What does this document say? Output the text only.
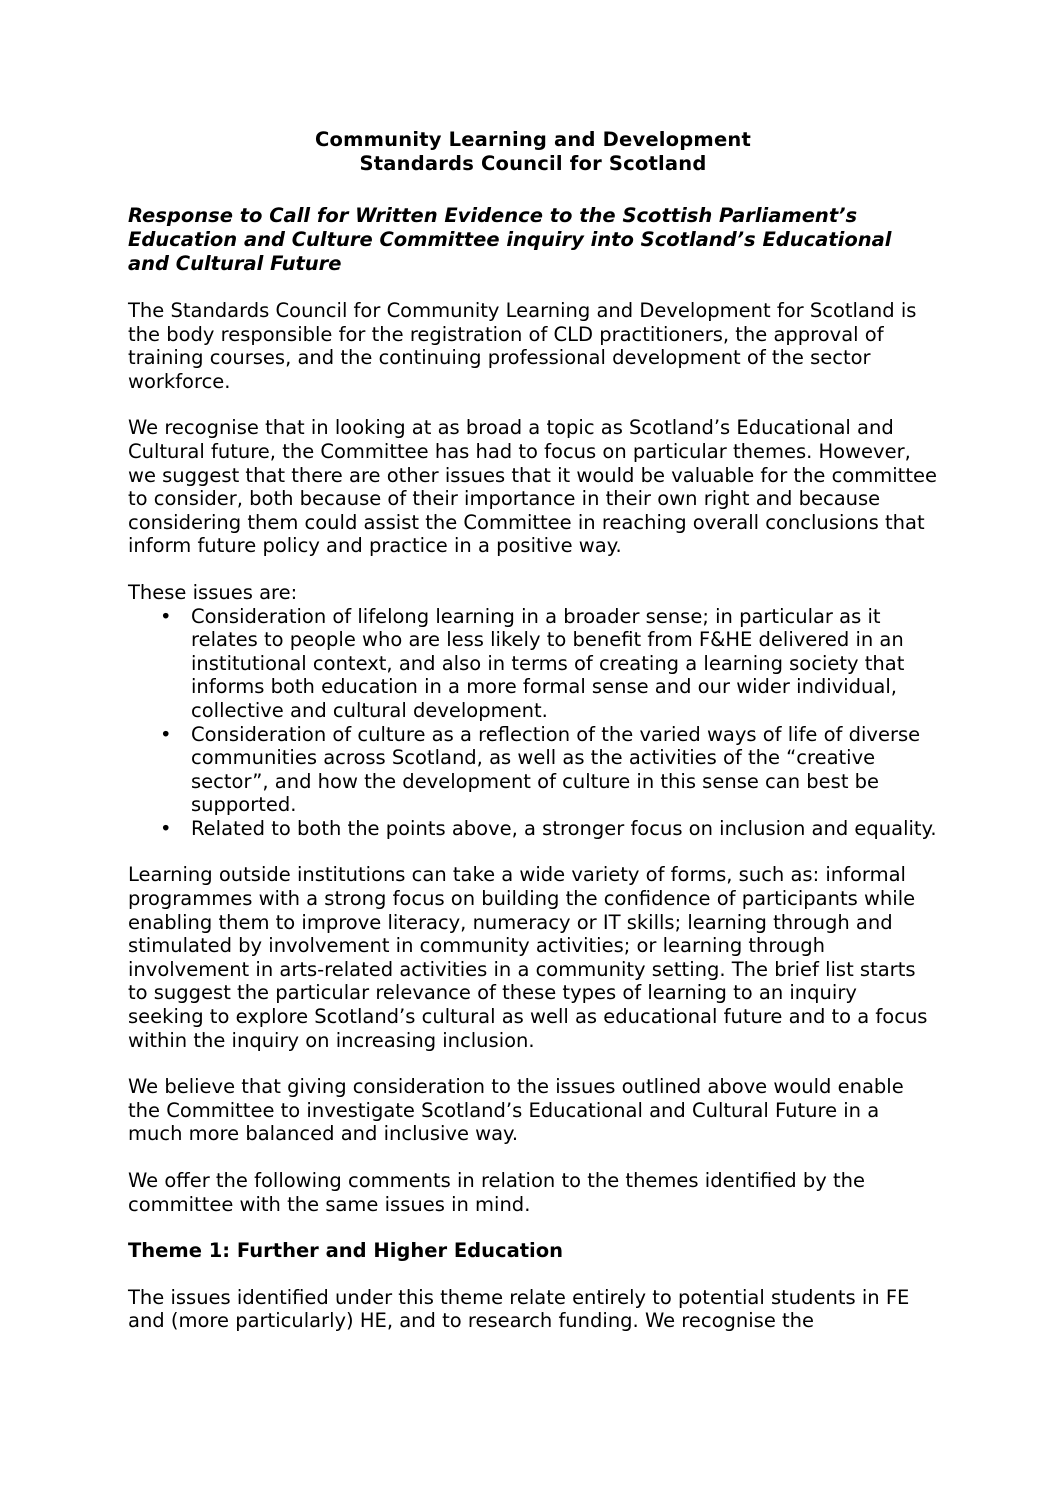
Community Learning and Development

Standards Council for Scotland

Response to Call for Written Evidence to the Scottish Parliament’s Education and Culture Committee inquiry into Scotland’s Educational and Cultural Future

The Standards Council for Community Learning and Development for Scotland is the body responsible for the registration of CLD practitioners, the approval of training courses, and the continuing professional development of the sector workforce.

We recognise that in looking at as broad a topic as Scotland’s Educational and Cultural future, the Committee has had to focus on particular themes. However, we suggest that there are other issues that it would be valuable for the committee to consider, both because of their importance in their own right and because considering them could assist the Committee in reaching overall conclusions that inform future policy and practice in a positive way.

These issues are:

• Consideration of lifelong learning in a broader sense; in particular as it relates to people who are less likely to benefit from F&HE delivered in an institutional context, and also in terms of creating a learning society that informs both education in a more formal sense and our wider individual, collective and cultural development.
• Consideration of culture as a reflection of the varied ways of life of diverse communities across Scotland, as well as the activities of the “creative sector”, and how the development of culture in this sense can best be supported.
• Related to both the points above, a stronger focus on inclusion and equality.

Learning outside institutions can take a wide variety of forms, such as: informal programmes with a strong focus on building the confidence of participants while enabling them to improve literacy, numeracy or IT skills; learning through and stimulated by involvement in community activities; or learning through involvement in arts-related activities in a community setting. The brief list starts to suggest the particular relevance of these types of learning to an inquiry seeking to explore Scotland’s cultural as well as educational future and to a focus within the inquiry on increasing inclusion.

We believe that giving consideration to the issues outlined above would enable the Committee to investigate Scotland’s Educational and Cultural Future in a much more balanced and inclusive way.

We offer the following comments in relation to the themes identified by the committee with the same issues in mind.

Theme 1: Further and Higher Education

The issues identified under this theme relate entirely to potential students in FE and (more particularly) HE, and to research funding. We recognise the
